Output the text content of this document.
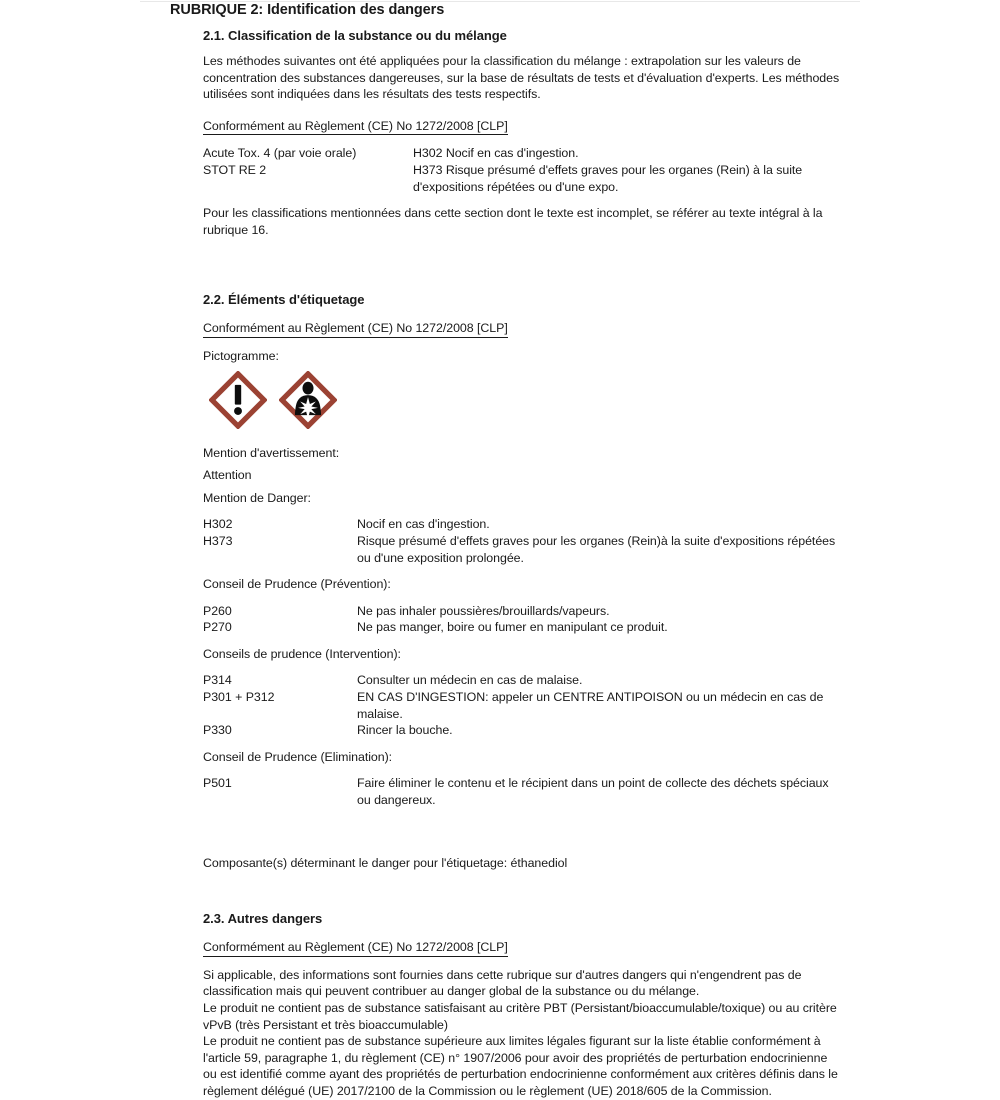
RUBRIQUE 2: Identification des dangers
2.1. Classification de la substance ou du mélange

Les méthodes suivantes ont été appliquées pour la classification du mélange : extrapolation sur les valeurs de concentration des substances dangereuses, sur la base de résultats de tests et d'évaluation d'experts. Les méthodes utilisées sont indiquées dans les résultats des tests respectifs.

Conformément au Règlement (CE) No 1272/2008 [CLP]
Acute Tox. 4 (par voie orale)	H302 Nocif en cas d'ingestion.
STOT RE 2	H373 Risque présumé d'effets graves pour les organes (Rein) à la suite d'expositions répétées ou d'une expo.

Pour les classifications mentionnées dans cette section dont le texte est incomplet, se référer au texte intégral à la rubrique 16.

2.2. Éléments d'étiquetage
Conformément au Règlement (CE) No 1272/2008 [CLP]

Pictogramme:

Mention d'avertissement:

Attention

Mention de Danger:

H302	Nocif en cas d'ingestion.
H373	Risque présumé d'effets graves pour les organes (Rein)à la suite d'expositions répétées ou d'une exposition prolongée.

Conseil de Prudence (Prévention):

P260	Ne pas inhaler poussières/brouillards/vapeurs.
P270	Ne pas manger, boire ou fumer en manipulant ce produit.

Conseils de prudence (Intervention):

P314	Consulter un médecin en cas de malaise.
P301 + P312	EN CAS D'INGESTION: appeler un CENTRE ANTIPOISON ou un médecin en cas de malaise.
P330	Rincer la bouche.

Conseil de Prudence (Elimination):

P501	Faire éliminer le contenu et le récipient dans un point de collecte des déchets spéciaux ou dangereux.

Composante(s) déterminant le danger pour l'étiquetage: éthanediol

2.3. Autres dangers
Conformément au Règlement (CE) No 1272/2008 [CLP]

Si applicable, des informations sont fournies dans cette rubrique sur d'autres dangers qui n'engendrent pas de classification mais qui peuvent contribuer au danger global de la substance ou du mélange.

Le produit ne contient pas de substance satisfaisant au critère PBT (Persistant/bioaccumulable/toxique) ou au critère vPvB (très Persistant et très bioaccumulable)

Le produit ne contient pas de substance supérieure aux limites légales figurant sur la liste établie conformément à l'article 59, paragraphe 1, du règlement (CE) n° 1907/2006 pour avoir des propriétés de perturbation endocrinienne ou est identifié comme ayant des propriétés de perturbation endocrinienne conformément aux critères définis dans le règlement délégué (UE) 2017/2100 de la Commission ou le règlement (UE) 2018/605 de la Commission.
